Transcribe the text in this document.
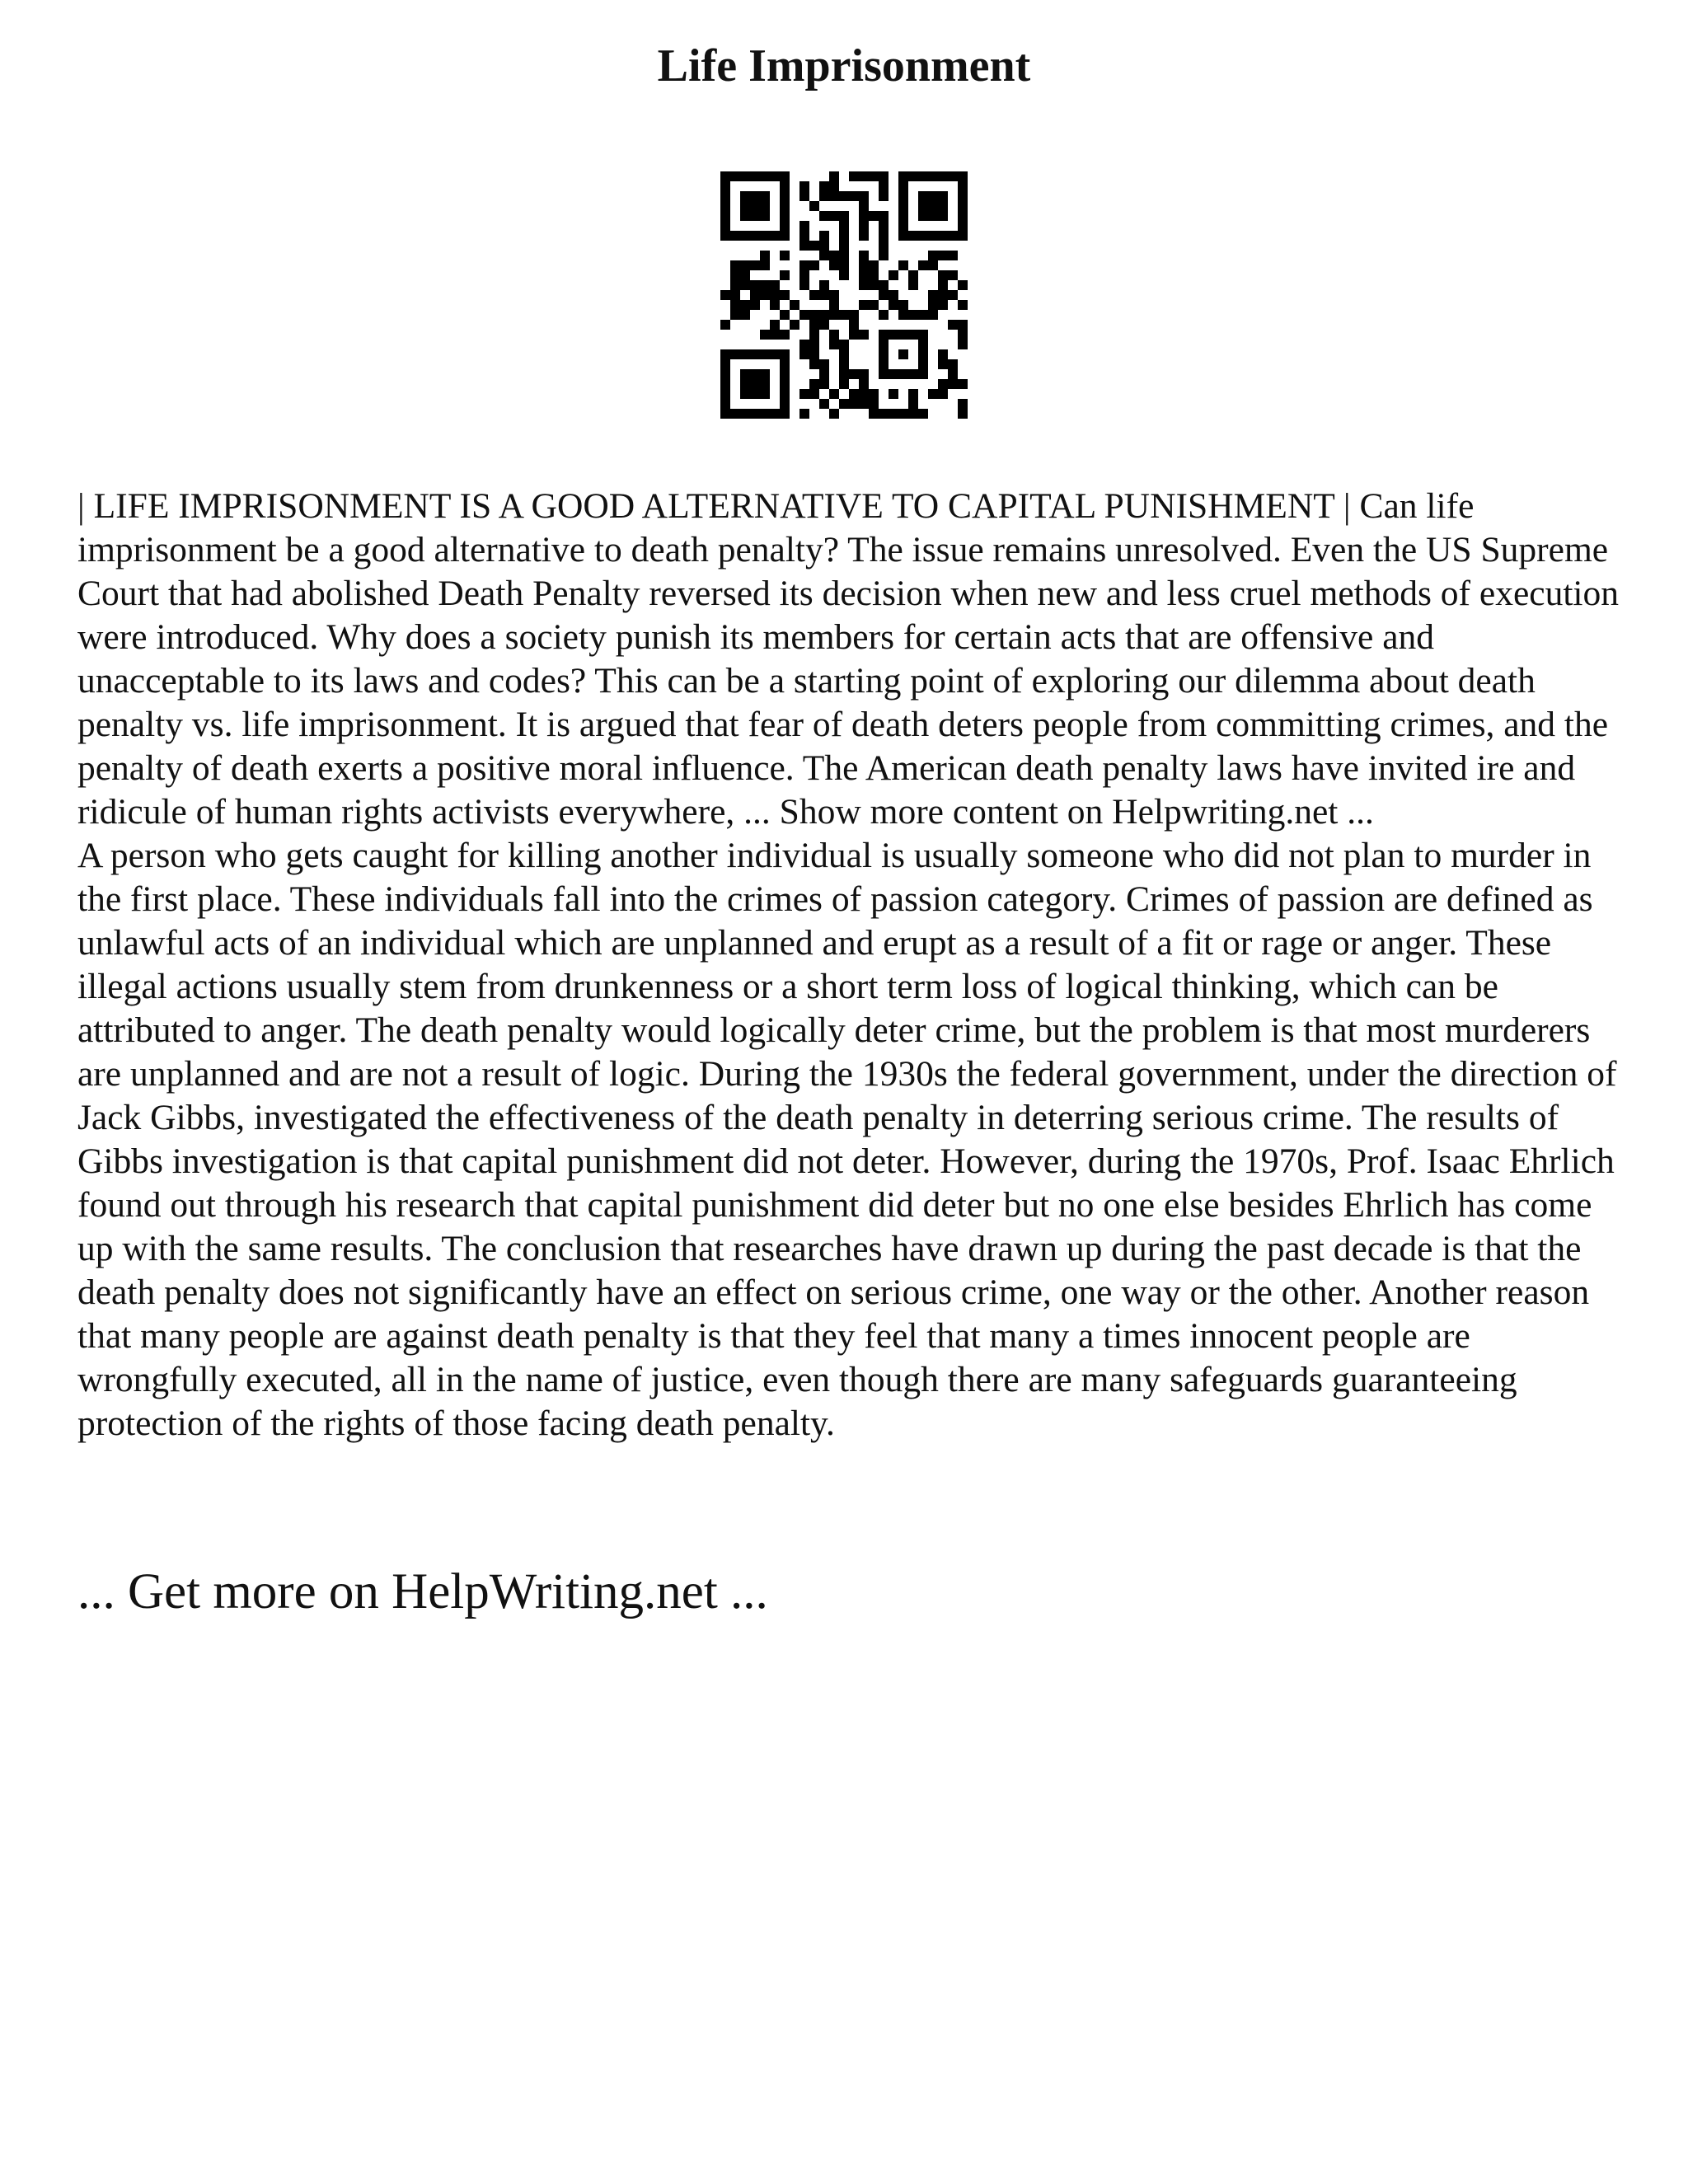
Life Imprisonment

| LIFE IMPRISONMENT IS A GOOD ALTERNATIVE TO CAPITAL PUNISHMENT | Can life imprisonment be a good alternative to death penalty? The issue remains unresolved. Even the US Supreme Court that had abolished Death Penalty reversed its decision when new and less cruel methods of execution were introduced. Why does a society punish its members for certain acts that are offensive and unacceptable to its laws and codes? This can be a starting point of exploring our dilemma about death penalty vs. life imprisonment. It is argued that fear of death deters people from committing crimes, and the penalty of death exerts a positive moral influence. The American death penalty laws have invited ire and ridicule of human rights activists everywhere, ... Show more content on Helpwriting.net ...

A person who gets caught for killing another individual is usually someone who did not plan to murder in the first place. These individuals fall into the crimes of passion category. Crimes of passion are defined as unlawful acts of an individual which are unplanned and erupt as a result of a fit or rage or anger. These illegal actions usually stem from drunkenness or a short term loss of logical thinking, which can be attributed to anger. The death penalty would logically deter crime, but the problem is that most murderers are unplanned and are not a result of logic. During the 1930s the federal government, under the direction of Jack Gibbs, investigated the effectiveness of the death penalty in deterring serious crime. The results of Gibbs investigation is that capital punishment did not deter. However, during the 1970s, Prof. Isaac Ehrlich found out through his research that capital punishment did deter but no one else besides Ehrlich has come up with the same results. The conclusion that researches have drawn up during the past decade is that the death penalty does not significantly have an effect on serious crime, one way or the other. Another reason that many people are against death penalty is that they feel that many a times innocent people are wrongfully executed, all in the name of justice, even though there are many safeguards guaranteeing protection of the rights of those facing death penalty.

... Get more on HelpWriting.net ...
